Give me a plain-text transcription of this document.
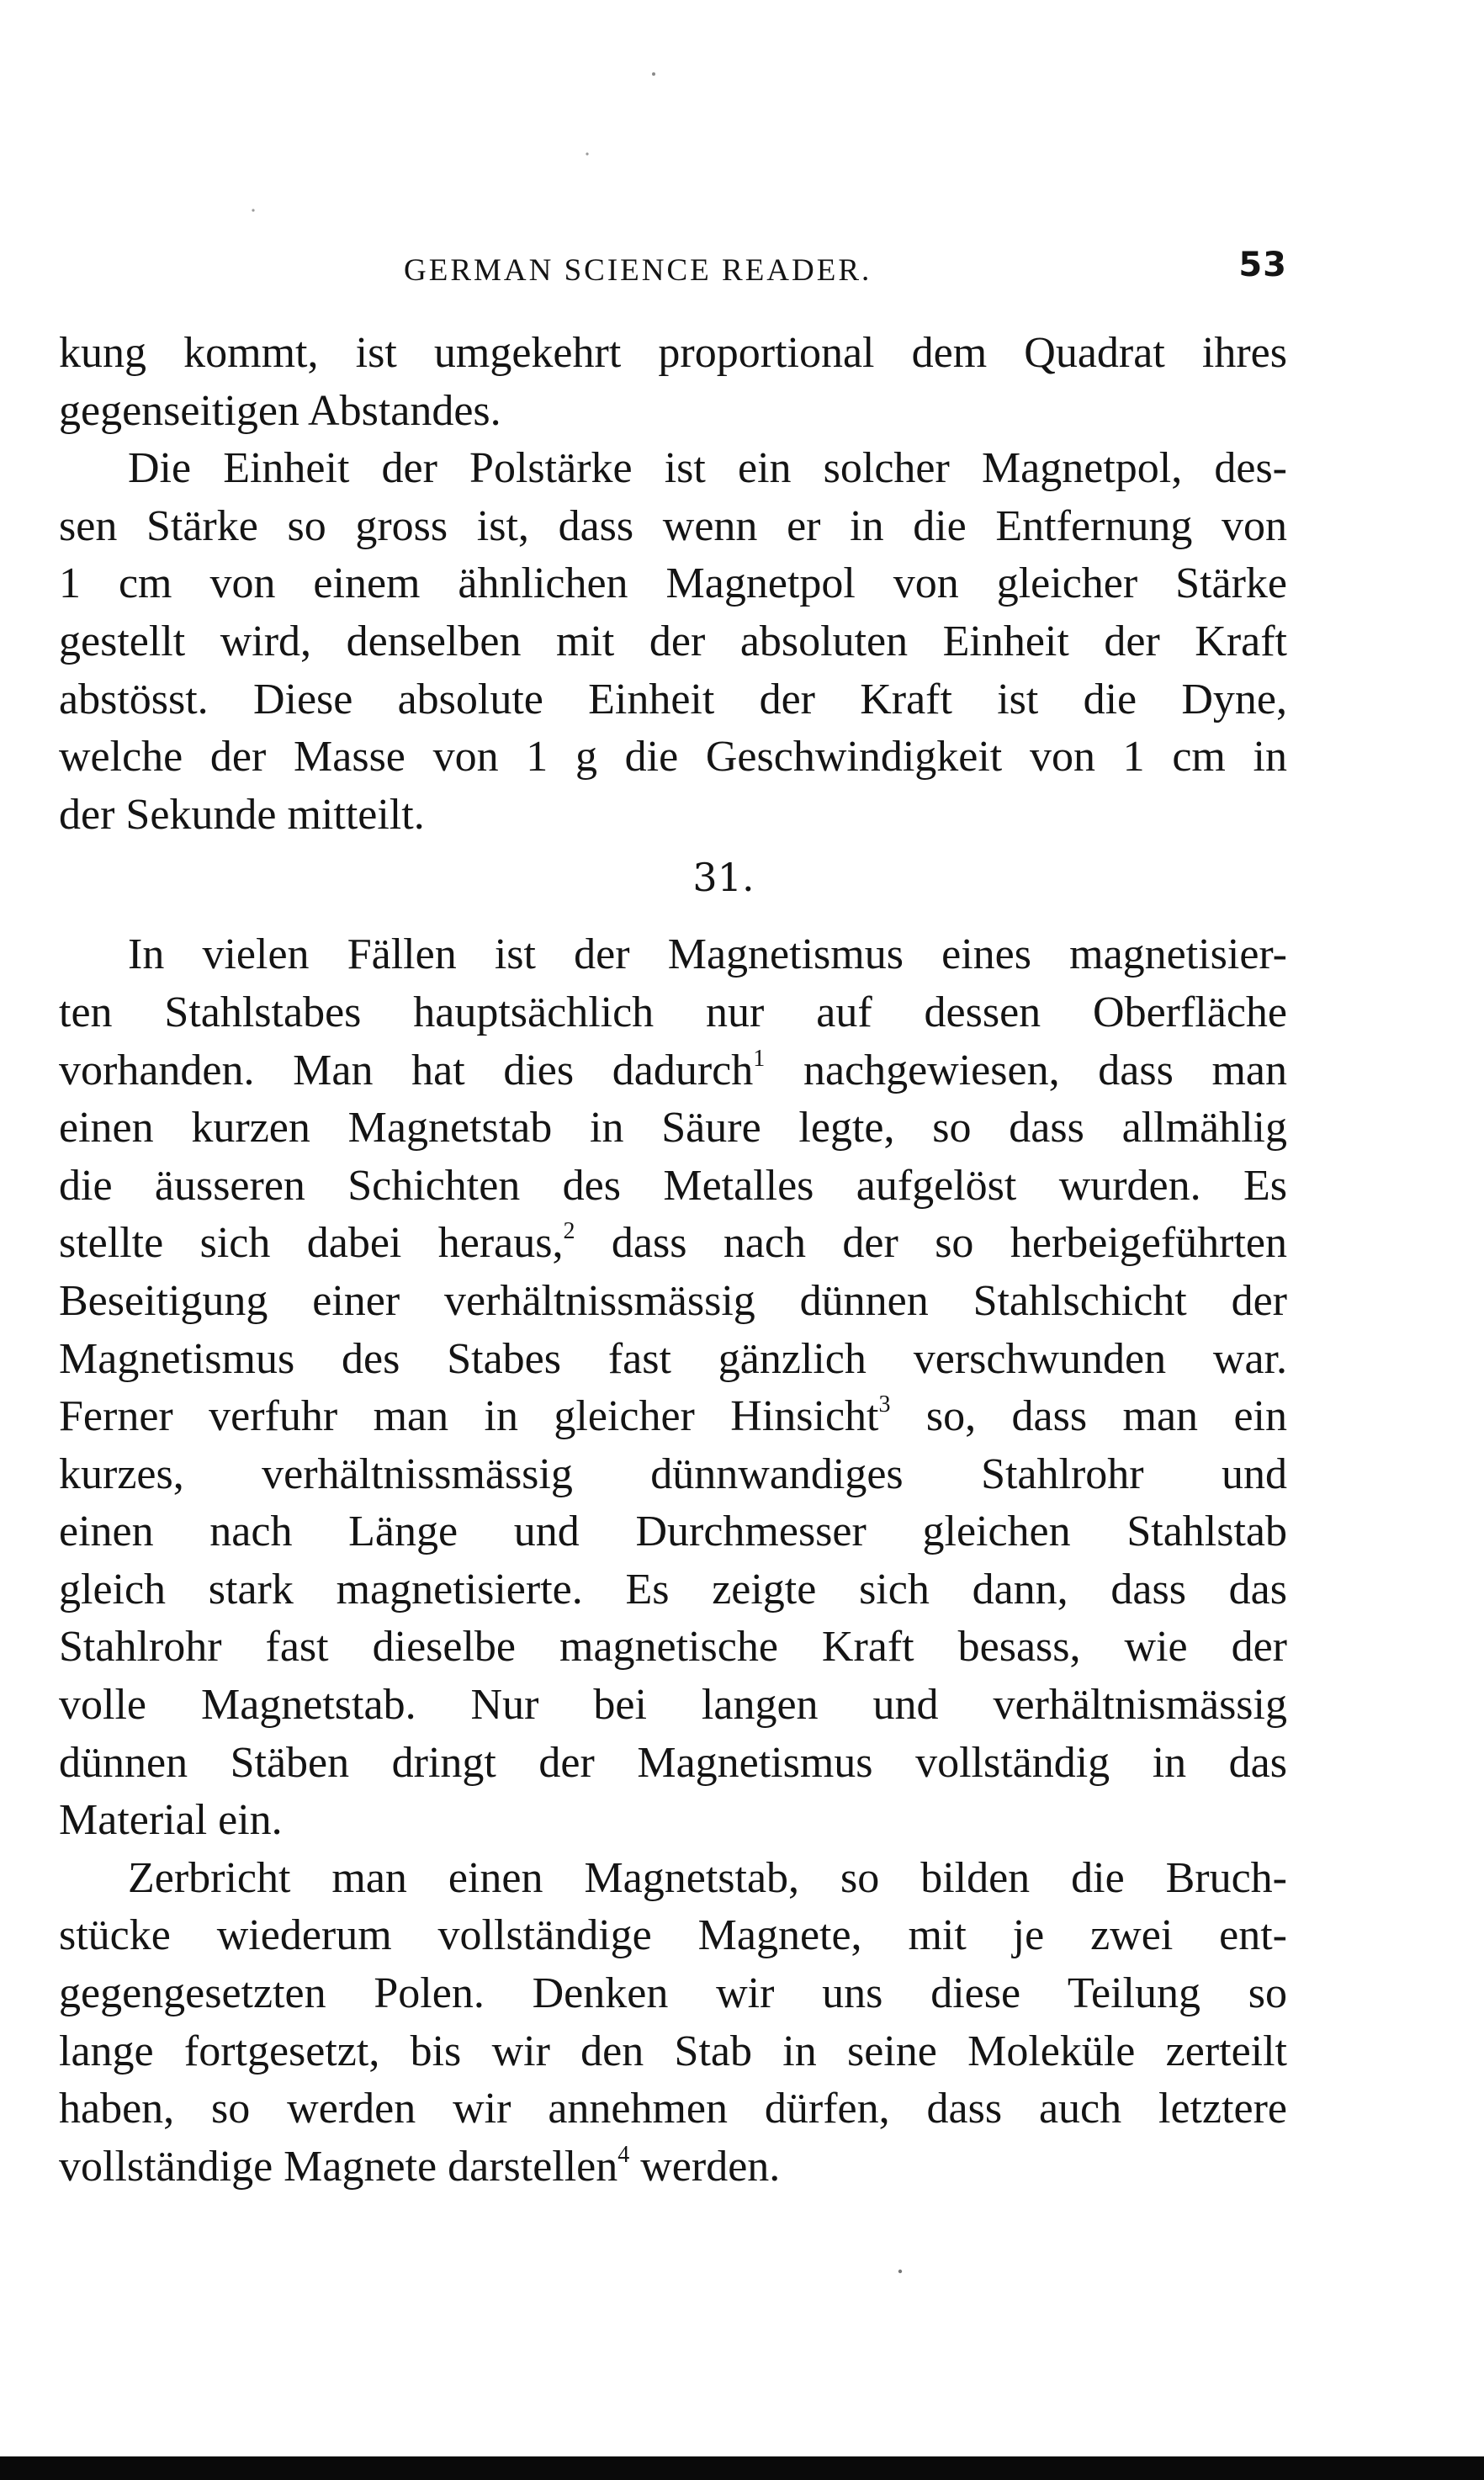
GERMAN SCIENCE READER.	53
kung kommt, ist umgekehrt proportional dem Quadrat ihres
gegenseitigen Abstandes.
Die Einheit der Polstärke ist ein solcher Magnetpol, des-
sen Stärke so gross ist, dass wenn er in die Entfernung von
1 cm von einem ähnlichen Magnetpol von gleicher Stärke
gestellt wird, denselben mit der absoluten Einheit der Kraft
abstösst. Diese absolute Einheit der Kraft ist die Dyne,
welche der Masse von 1 g die Geschwindigkeit von 1 cm in
der Sekunde mitteilt.
31.
In vielen Fällen ist der Magnetismus eines magnetisier-
ten Stahlstabes hauptsächlich nur auf dessen Oberfläche
vorhanden. Man hat dies dadurch$^1$ nachgewiesen, dass man
einen kurzen Magnetstab in Säure legte, so dass allmählig
die äusseren Schichten des Metalles aufgelöst wurden. Es
stellte sich dabei heraus,$^2$ dass nach der so herbeigeführten
Beseitigung einer verhältnissmässig dünnen Stahlschicht der
Magnetismus des Stabes fast gänzlich verschwunden war.
Ferner verfuhr man in gleicher Hinsicht$^3$ so, dass man ein
kurzes, verhältnissmässig dünnwandiges Stahlrohr und
einen nach Länge und Durchmesser gleichen Stahlstab
gleich stark magnetisierte. Es zeigte sich dann, dass das
Stahlrohr fast dieselbe magnetische Kraft besass, wie der
volle Magnetstab. Nur bei langen und verhältnismässig
dünnen Stäben dringt der Magnetismus vollständig in das
Material ein.
Zerbricht man einen Magnetstab, so bilden die Bruch-
stücke wiederum vollständige Magnete, mit je zwei ent-
gegengesetzten Polen. Denken wir uns diese Teilung so
lange fortgesetzt, bis wir den Stab in seine Moleküle zerteilt
haben, so werden wir annehmen dürfen, dass auch letztere
vollständige Magnete darstellen$^4$ werden.
